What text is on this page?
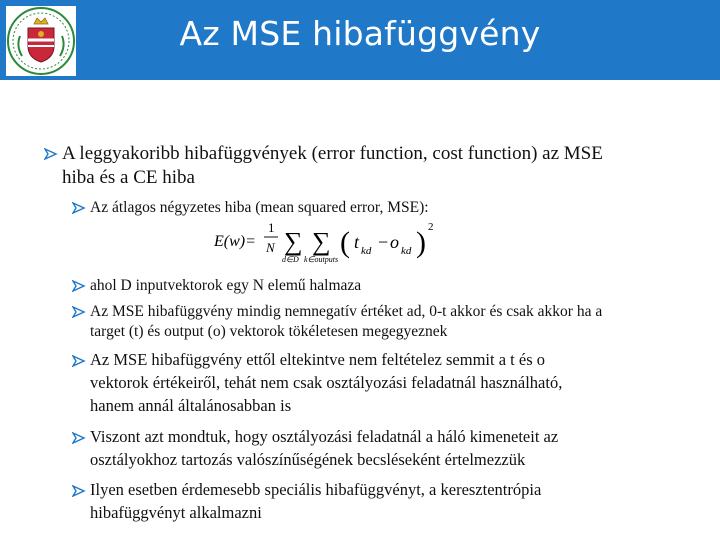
Az MSE hibafüggvény
A leggyakoribb hibafüggvények (error function, cost function) az MSE
hiba és a CE hiba
Az átlagos négyzetes hiba (mean squared error, MSE):
E(w)=
1
N ∑
d∈D
∑
k∈outputs
( t kd − o kd ) 2
ahol D inputvektorok egy N elemű halmaza
Az MSE hibafüggvény mindig nemnegatív értéket ad, 0-t akkor és csak akkor ha a
target (t) és output (o) vektorok tökéletesen megegyeznek
Az MSE hibafüggvény ettől eltekintve nem feltételez semmit a t és o
vektorok értékeiről, tehát nem csak osztályozási feladatnál használható,
hanem annál általánosabban is
Viszont azt mondtuk, hogy osztályozási feladatnál a háló kimeneteit az
osztályokhoz tartozás valószínűségének becsléseként értelmezzük
Ilyen esetben érdemesebb speciális hibafüggvényt, a keresztentrópia
hibafüggvényt alkalmazni
